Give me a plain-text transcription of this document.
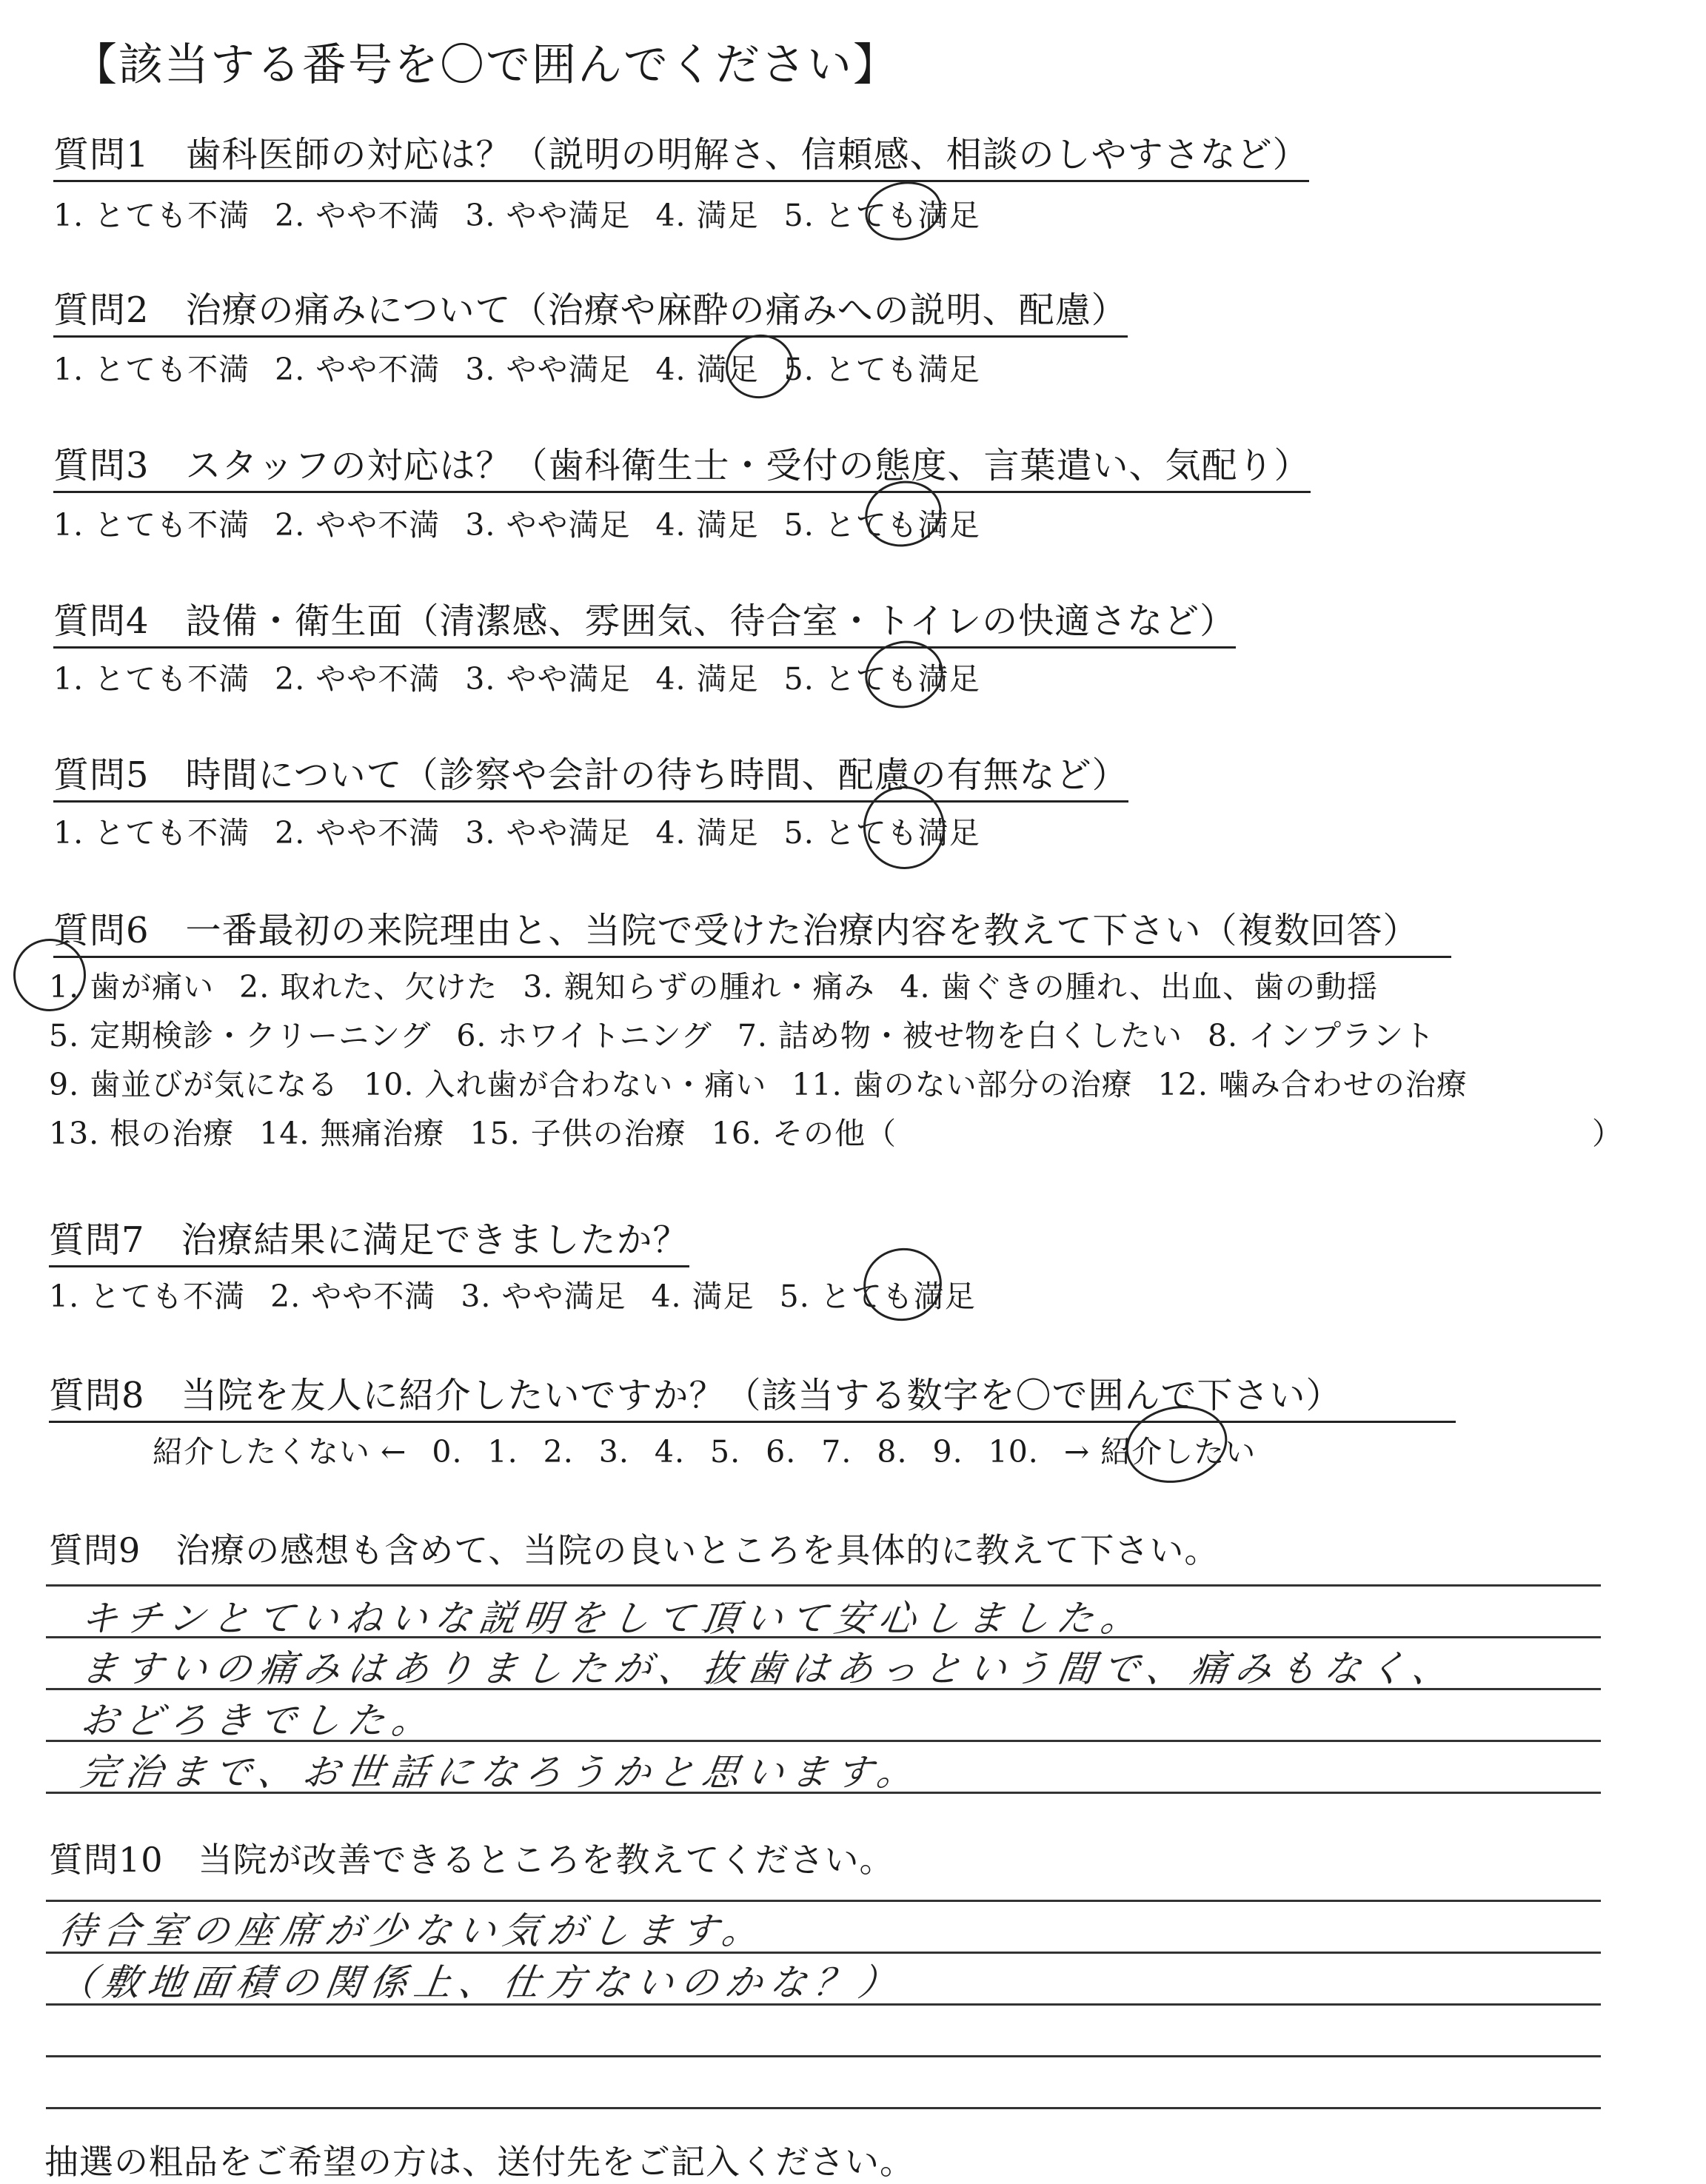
【該当する番号を〇で囲んでください】
質問1　歯科医師の対応は？（説明の明解さ、信頼感、相談のしやすさなど）
1. とても不満 2. やや不満 3. やや満足 4. 満足 5. とても満足
質問2　治療の痛みについて（治療や麻酔の痛みへの説明、配慮）
1. とても不満 2. やや不満 3. やや満足 4. 満足 5. とても満足
質問3　スタッフの対応は？（歯科衛生士・受付の態度、言葉遣い、気配り）
1. とても不満 2. やや不満 3. やや満足 4. 満足 5. とても満足
質問4　設備・衛生面（清潔感、雰囲気、待合室・トイレの快適さなど）
1. とても不満 2. やや不満 3. やや満足 4. 満足 5. とても満足
質問5　時間について（診察や会計の待ち時間、配慮の有無など）
1. とても不満 2. やや不満 3. やや満足 4. 満足 5. とても満足
質問6　一番最初の来院理由と、当院で受けた治療内容を教えて下さい（複数回答）
1. 歯が痛い 2. 取れた、欠けた 3. 親知らずの腫れ・痛み 4. 歯ぐきの腫れ、出血、歯の動揺
5. 定期検診・クリーニング 6. ホワイトニング 7. 詰め物・被せ物を白くしたい 8. インプラント
9. 歯並びが気になる 10. 入れ歯が合わない・痛い 11. 歯のない部分の治療 12. 噛み合わせの治療
13. 根の治療 14. 無痛治療 15. 子供の治療 16. その他（	）
質問7　治療結果に満足できましたか？
1. とても不満 2. やや不満 3. やや満足 4. 満足 5. とても満足
質問8　当院を友人に紹介したいですか？（該当する数字を〇で囲んで下さい）
紹介したくない ← 0. 1. 2. 3. 4. 5. 6. 7. 8. 9. 10. → 紹介したい
質問9　治療の感想も含めて、当院の良いところを具体的に教えて下さい。
キチンとていねいな説明をして頂いて安心しました。
ますいの痛みはありましたが、抜歯はあっという間で、痛みもなく、
おどろきでした。
完治まで、お世話になろうかと思います。
質問10　当院が改善できるところを教えてください。
待合室の座席が少ない気がします。
（敷地面積の関係上、仕方ないのかな？）
抽選の粗品をご希望の方は、送付先をご記入ください。
